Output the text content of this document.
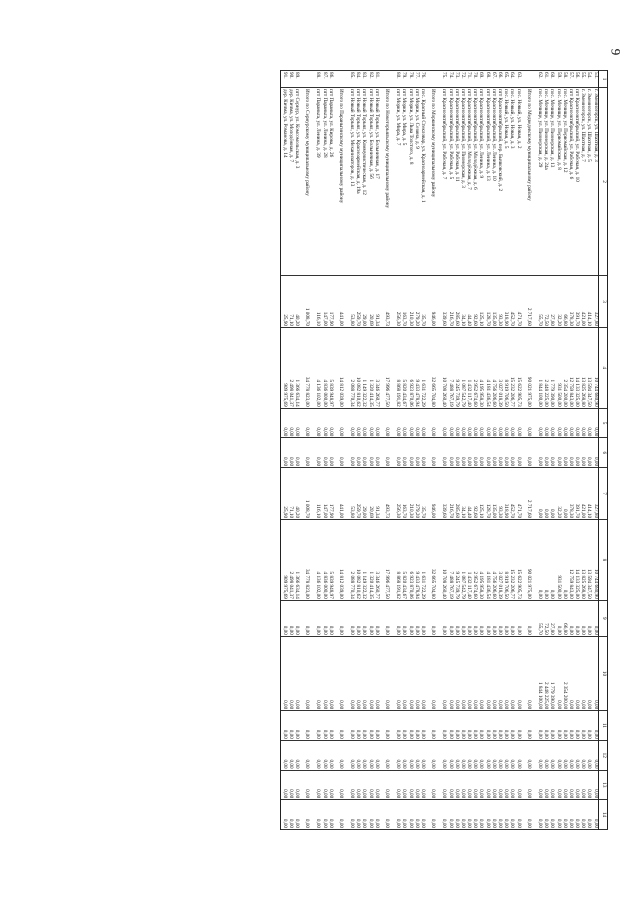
9
1	2	3	4	5	6	7	8	9	10	11	12	13	14
53.	г. Змеиногорск, ул. Шахтная, д. 3	327,80	10 744 680,90	0,00	0,00	327,80	10 744 680,90	0,00	0,00	0,00	0,00	0,00	0,00
54.	г. Змеиногорск, ул. Шахтная, д. 5	414,10	13 594 347,50	0,00	0,00	414,10	13 594 347,50	0,00	0,00	0,00	0,00	0,00	0,00
55.	г. Змеиногорск, ул. Шахтная, д. 7	421,00	13 825 268,80	0,00	0,00	421,00	13 825 268,80	0,00	0,00	0,00	0,00	0,00	0,00
56.	пгт Краснооктябрьский, ул. Рабочая, д. 10	391,70	14 133 325,00	0,00	0,00	391,70	14 133 325,00	0,00	0,00	0,00	0,00	0,00	0,00
57.	пгт Краснооктябрьский, ул. Рабочая, д. 6	378,30	12 759 843,00	0,00	0,00	378,30	12 759 843,00	0,00	0,00	0,00	0,00	0,00	0,00
58.	пос. Мочище, ул. Первомайская, д. 12	66,80	2 354 200,00	0,00	0,00	0,00	0,00	66,80	2 354 200,00	0,00	0,00	0,00	0,00
59.	пос. Мочище, ул. Первомайская, д. 8	32,20	931 500,00	0,00	0,00	32,20	931 500,00	0,00	0,00	0,00	0,00	0,00	0,00
60.	пос. Мочище, ул. Пионерская, д. 13	27,80	1 779 390,00	0,00	0,00	0,00	0,00	27,80	1 779 390,00	0,00	0,00	0,00	0,00
61.	пос. Мочище, ул. Пионерская, д. 24а	72,50	2 448 225,00	0,00	0,00	0,00	0,00	72,50	2 448 225,00	0,00	0,00	0,00	0,00
62.	пос. Мочище, ул. Пионерская, д. 29	55,70	1 844 100,00	0,00	0,00	0,00	0,00	55,70	1 844 100,00	0,00	0,00	0,00	0,00

	Итого по Медведевскому муниципальному району	2 717,60	90 021 975,00	0,00	0,00	2 717,60	90 021 975,00	0,00	0,00	0,00	0,00	0,00	0,00

63.	пос. Новый, ул. Новая, д. 2	471,70	15 622 905,73	0,00	0,00	471,70	15 622 905,73	0,00	0,00	0,00	0,00	0,00	0,00
64.	пос. Новый, ул. Новая, д. 3	452,70	15 232 206,77	0,00	0,00	452,70	15 232 206,77	0,00	0,00	0,00	0,00	0,00	0,00
65.	пос. Новый, ул. Новая, д. 5	318,90	8 919 706,50	0,00	0,00	318,90	8 919 706,50	0,00	0,00	0,00	0,00	0,00	0,00
66.	пгт Краснооктябрьский, пер. Бычковский, д. 2	93,30	3 027 018,39	0,00	0,00	93,30	3 027 018,39	0,00	0,00	0,00	0,00	0,00	0,00
67.	пгт Краснооктябрьский, ул. Ленина, д. 10	135,00	4 756 206,60	0,00	0,00	135,00	4 756 206,60	0,00	0,00	0,00	0,00	0,00	0,00
68.	пгт Краснооктябрьский, ул. Ленина, д. 13	128,70	4 181 436,54	0,00	0,00	128,70	4 181 436,54	0,00	0,00	0,00	0,00	0,00	0,00
69.	пгт Краснооктябрьский, ул. Ленина, д. 9	125,10	4 195 958,30	0,00	0,00	125,10	4 195 958,30	0,00	0,00	0,00	0,00	0,00	0,00
70.	пгт Краснооктябрьский, ул. Молодёжная, д. 6	92,60	2 952 674,60	0,00	0,00	92,60	2 952 674,60	0,00	0,00	0,00	0,00	0,00	0,00
71.	пгт Краснооктябрьский, ул. Молодёжная, д. 7	44,40	1 432 117,40	0,00	0,00	44,40	1 432 117,40	0,00	0,00	0,00	0,00	0,00	0,00
72.	пгт Краснооктябрьский, ул. Пионерская, д. 3	34,10	1 087 542,79	0,00	0,00	34,10	1 087 542,79	0,00	0,00	0,00	0,00	0,00	0,00
73.	пгт Краснооктябрьский, ул. Рабочая, д. 11	285,60	9 245 739,79	0,00	0,00	285,60	9 245 739,79	0,00	0,00	0,00	0,00	0,00	0,00
74.	пгт Краснооктябрьский, ул. Рабочая, д. 5	216,70	7 488 767,19	0,00	0,00	216,70	7 488 767,19	0,00	0,00	0,00	0,00	0,00	0,00
75.	пгт Краснооктябрьский, ул. Рабочая, д. 7	339,60	10 708 260,40	0,00	0,00	339,60	10 708 260,40	0,00	0,00	0,00	0,00	0,00	0,00

	Итого по Моркинскому муниципальному району	946,00	32 665 704,80	0,00	0,00	946,00	32 665 704,80	0,00	0,00	0,00	0,00	0,00	0,00

76.	пос. Красный Стекловар, ул. Красноармейская, д. 1	35,70	1 631 722,29	0,00	0,00	35,70	1 631 722,29	0,00	0,00	0,00	0,00	0,00	0,00
77.	пгт Морки, ул. Сезина, д. 9	279,20	9 433 478,94	0,00	0,00	279,20	9 433 478,94	0,00	0,00	0,00	0,00	0,00	0,00
78.	пгт Морки, ул. Льва Толстого, д. 8	210,30	6 923 870,06	0,00	0,00	210,30	6 923 870,06	0,00	0,00	0,00	0,00	0,00	0,00
79.	пгт Морки, ул. Мира, д. 5	163,70	5 820 434,67	0,00	0,00	163,70	5 820 434,67	0,00	0,00	0,00	0,00	0,00	0,00
80.	пгт Морки, ул. Мира, д. 7	256,30	8 868 191,82	0,00	0,00	256,30	8 868 191,82	0,00	0,00	0,00	0,00	0,00	0,00

	Итого по Новоторъяльскому муниципальному району	493,73	17 996 477,50	0,00	0,00	493,73	17 996 477,50	0,00	0,00	0,00	0,00	0,00	0,00

81.	пгт Новый Торъял, ул. Больничная, д. 17	91,34	3 346 260,77	0,00	0,00	91,34	3 346 260,77	0,00	0,00	0,00	0,00	0,00	0,00
82.	пгт Новый Торъял, ул. Больничная, д. 5б	20,69	1 320 414,35	0,00	0,00	20,69	1 320 414,35	0,00	0,00	0,00	0,00	0,00	0,00
83.	пгт Новый Торъял, ул. Коммунистическая, д. 12	29,00	1 149 322,32	0,00	0,00	29,00	1 149 322,32	0,00	0,00	0,00	0,00	0,00	0,00
84.	пгт Новый Торъял, ул. Красноармейская, д. 19а	259,70	10 082 810,62	0,00	0,00	259,70	10 082 810,62	0,00	0,00	0,00	0,00	0,00	0,00
85.	пгт Новый Торъял, ул. Механизаторов, д. 13	53,80	2 088 770,34	0,00	0,00	53,80	2 088 770,34	0,00	0,00	0,00	0,00	0,00	0,00

	Итого по Параньгинскому муниципальному району	441,00	14 812 039,00	0,00	0,00	441,00	14 812 039,00	0,00	0,00	0,00	0,00	0,00	0,00

86.	пгт Параньга, ул. Кирова, д. 26	177,90	5 839 948,97	0,00	0,00	177,90	5 839 948,97	0,00	0,00	0,00	0,00	0,00	0,00
87.	пгт Параньга, ул. Ленина, д. 28	147,00	4 836 000,00	0,00	0,00	147,00	4 836 000,00	0,00	0,00	0,00	0,00	0,00	0,00
88.	пгт Параньга, ул. Ленина, д. 39	116,10	4 136 102,00	0,00	0,00	116,10	4 136 102,00	0,00	0,00	0,00	0,00	0,00	0,00

	Итого по Сернурскому муниципальному району	1 008,70	34 778 823,00	0,00	0,00	1 008,70	34 778 823,00	0,00	0,00	0,00	0,00	0,00	0,00

89.	пгт Сернур, ул. Комсомольская, д. 3	40,20	1 366 634,14	0,00	0,00	40,20	1 366 634,14	0,00	0,00	0,00	0,00	0,00	0,00
90.	дер. Кичма, ул. Молодёжная, д. 7	71,10	2 498 041,37	0,00	0,00	71,10	2 498 041,37	0,00	0,00	0,00	0,00	0,00	0,00
91.	дер. Кичма, ул. Романова, д. 14	25,90	909 975,69	0,00	0,00	25,90	909 975,69	0,00	0,00	0,00	0,00	0,00	0,00
